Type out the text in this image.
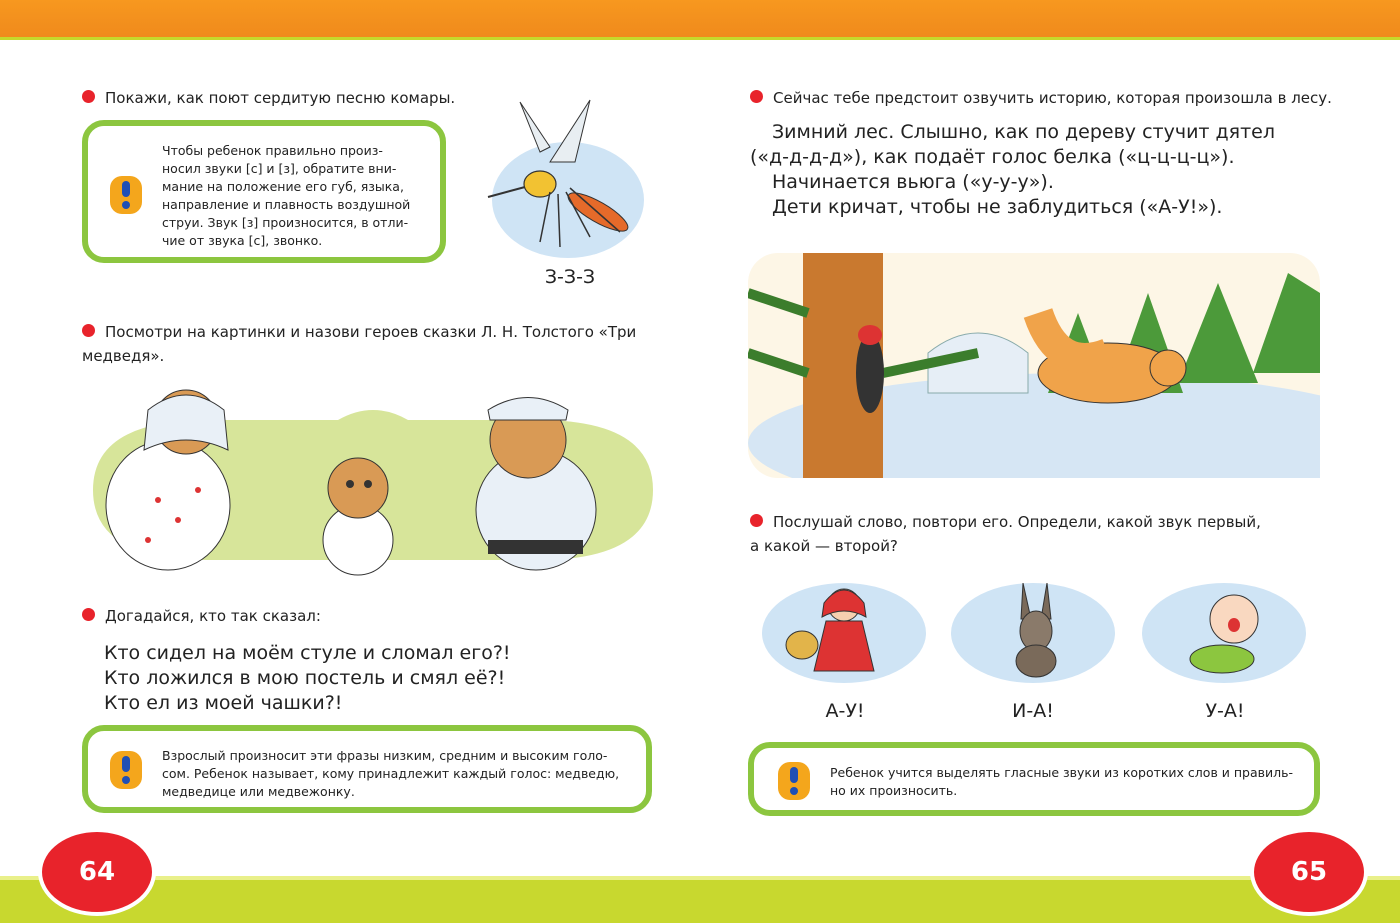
Покажи, как поют сердитую песню комары.
Чтобы ребенок правильно произ-
носил звуки [с] и [з], обратите вни-
мание на положение его губ, языка,
направление и плавность воздушной
струи. Звук [з] произносится, в отли-
чие от звука [с], звонко.
З-З-З
Посмотри на картинки и назови героев сказки Л. Н. Толстого «Три
медведя».
Догадайся, кто так сказал:
Кто сидел на моём стуле и сломал его?!
Кто ложился в мою постель и смял её?!
Кто ел из моей чашки?!
Взрослый произносит эти фразы низким, средним и высоким голо-
сом. Ребенок называет, кому принадлежит каждый голос: медведю,
медведице или медвежонку.
64
Сейчас тебе предстоит озвучить историю, которая произошла в лесу.
Зимний лес. Слышно, как по дереву стучит дятел
(«д-д-д-д»), как подаёт голос белка («ц-ц-ц-ц»).
Начинается вьюга («у-у-у»).
Дети кричат, чтобы не заблудиться («А-У!»).
Послушай слово, повтори его. Определи, какой звук первый,
а какой — второй?
А-У!	И-А!	У-А!
Ребенок учится выделять гласные звуки из коротких слов и правиль-
но их произносить.
65
